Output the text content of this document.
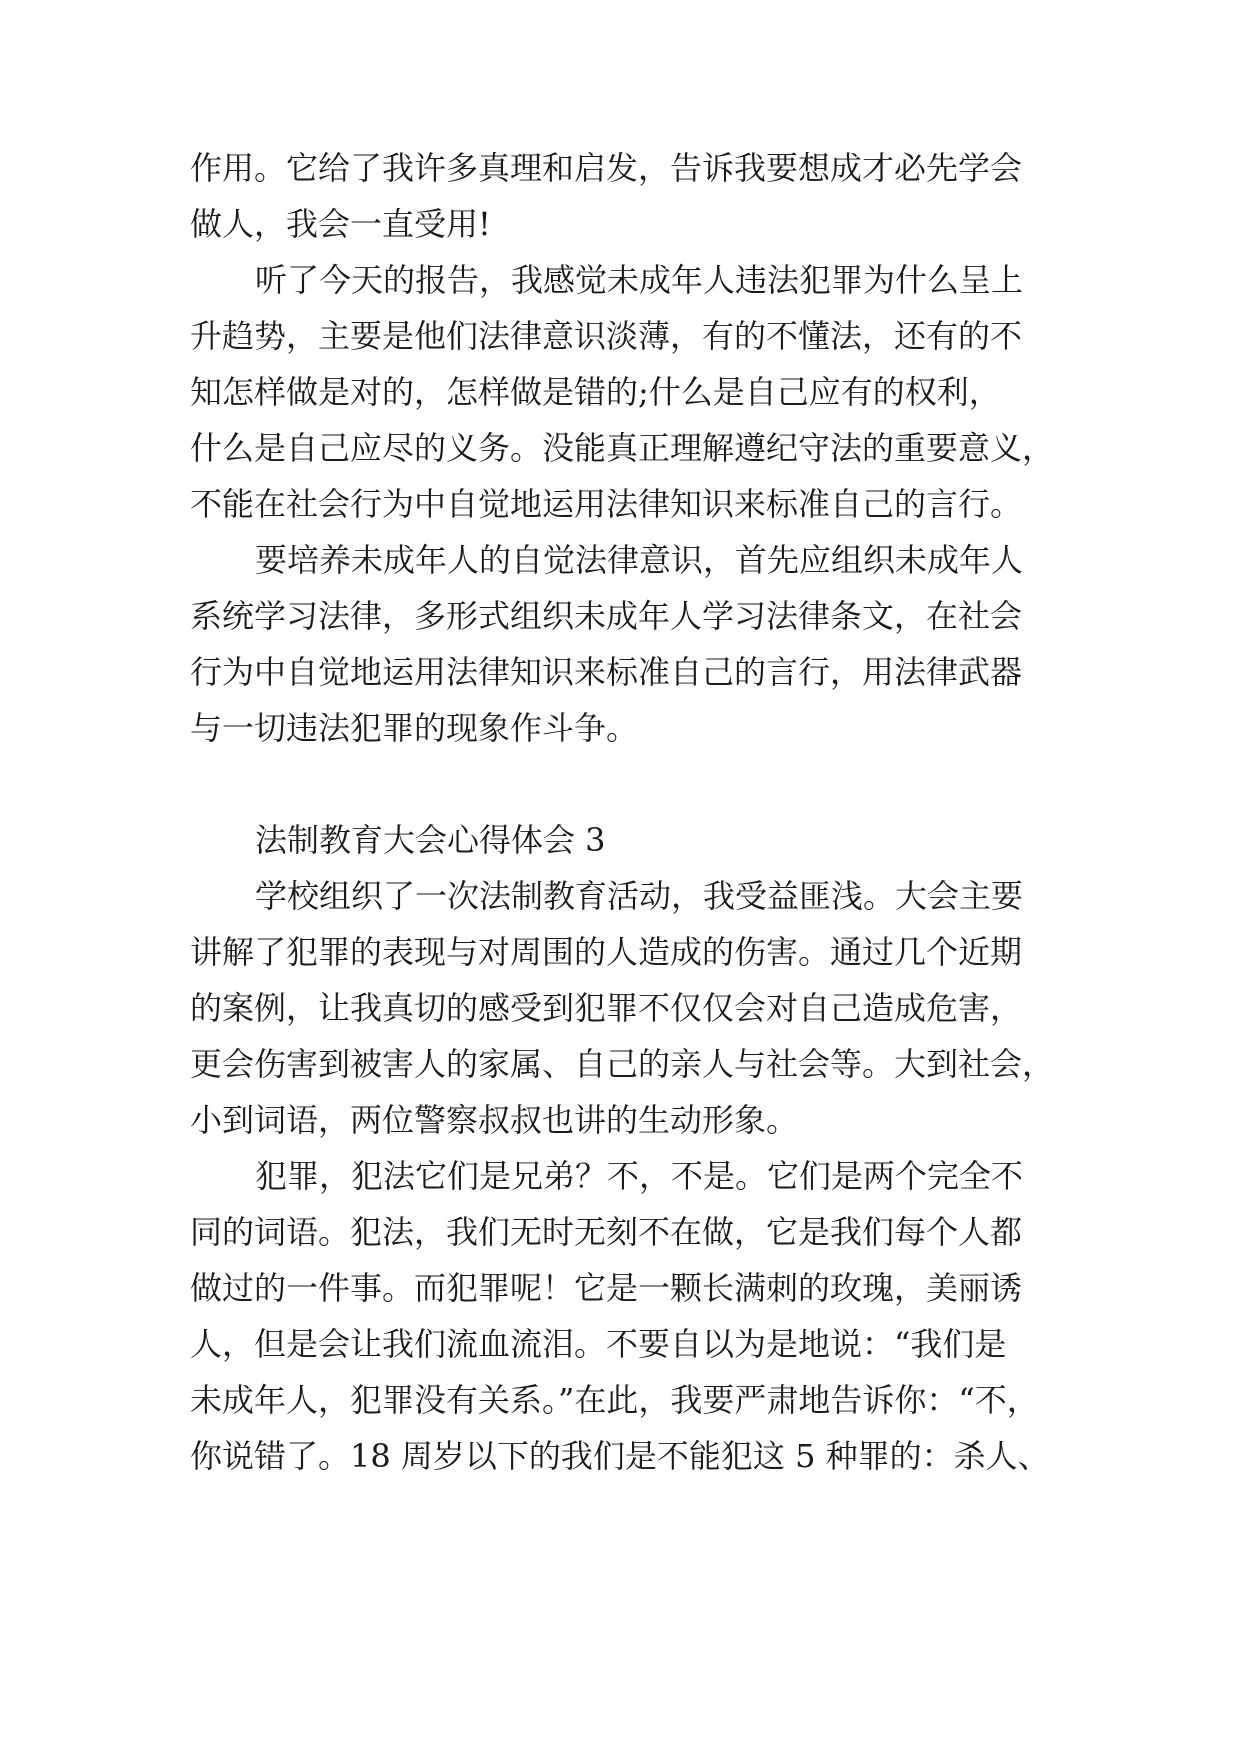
作用。它给了我许多真理和启发，告诉我要想成才必先学会
做人，我会一直受用!
听了今天的报告，我感觉未成年人违法犯罪为什么呈上
升趋势，主要是他们法律意识淡薄，有的不懂法，还有的不
知怎样做是对的，怎样做是错的;什么是自己应有的权利，
什么是自己应尽的义务。没能真正理解遵纪守法的重要意义，
不能在社会行为中自觉地运用法律知识来标准自己的言行。
要培养未成年人的自觉法律意识，首先应组织未成年人
系统学习法律，多形式组织未成年人学习法律条文，在社会
行为中自觉地运用法律知识来标准自己的言行，用法律武器
与一切违法犯罪的现象作斗争。
法制教育大会心得体会 3
学校组织了一次法制教育活动，我受益匪浅。大会主要
讲解了犯罪的表现与对周围的人造成的伤害。通过几个近期
的案例，让我真切的感受到犯罪不仅仅会对自己造成危害，
更会伤害到被害人的家属、自己的亲人与社会等。大到社会，
小到词语，两位警察叔叔也讲的生动形象。
犯罪，犯法它们是兄弟？不，不是。它们是两个完全不
同的词语。犯法，我们无时无刻不在做，它是我们每个人都
做过的一件事。而犯罪呢！它是一颗长满刺的玫瑰，美丽诱
人，但是会让我们流血流泪。不要自以为是地说：“我们是
未成年人，犯罪没有关系。”在此，我要严肃地告诉你：“不，
你说错了。18 周岁以下的我们是不能犯这 5 种罪的：杀人、
